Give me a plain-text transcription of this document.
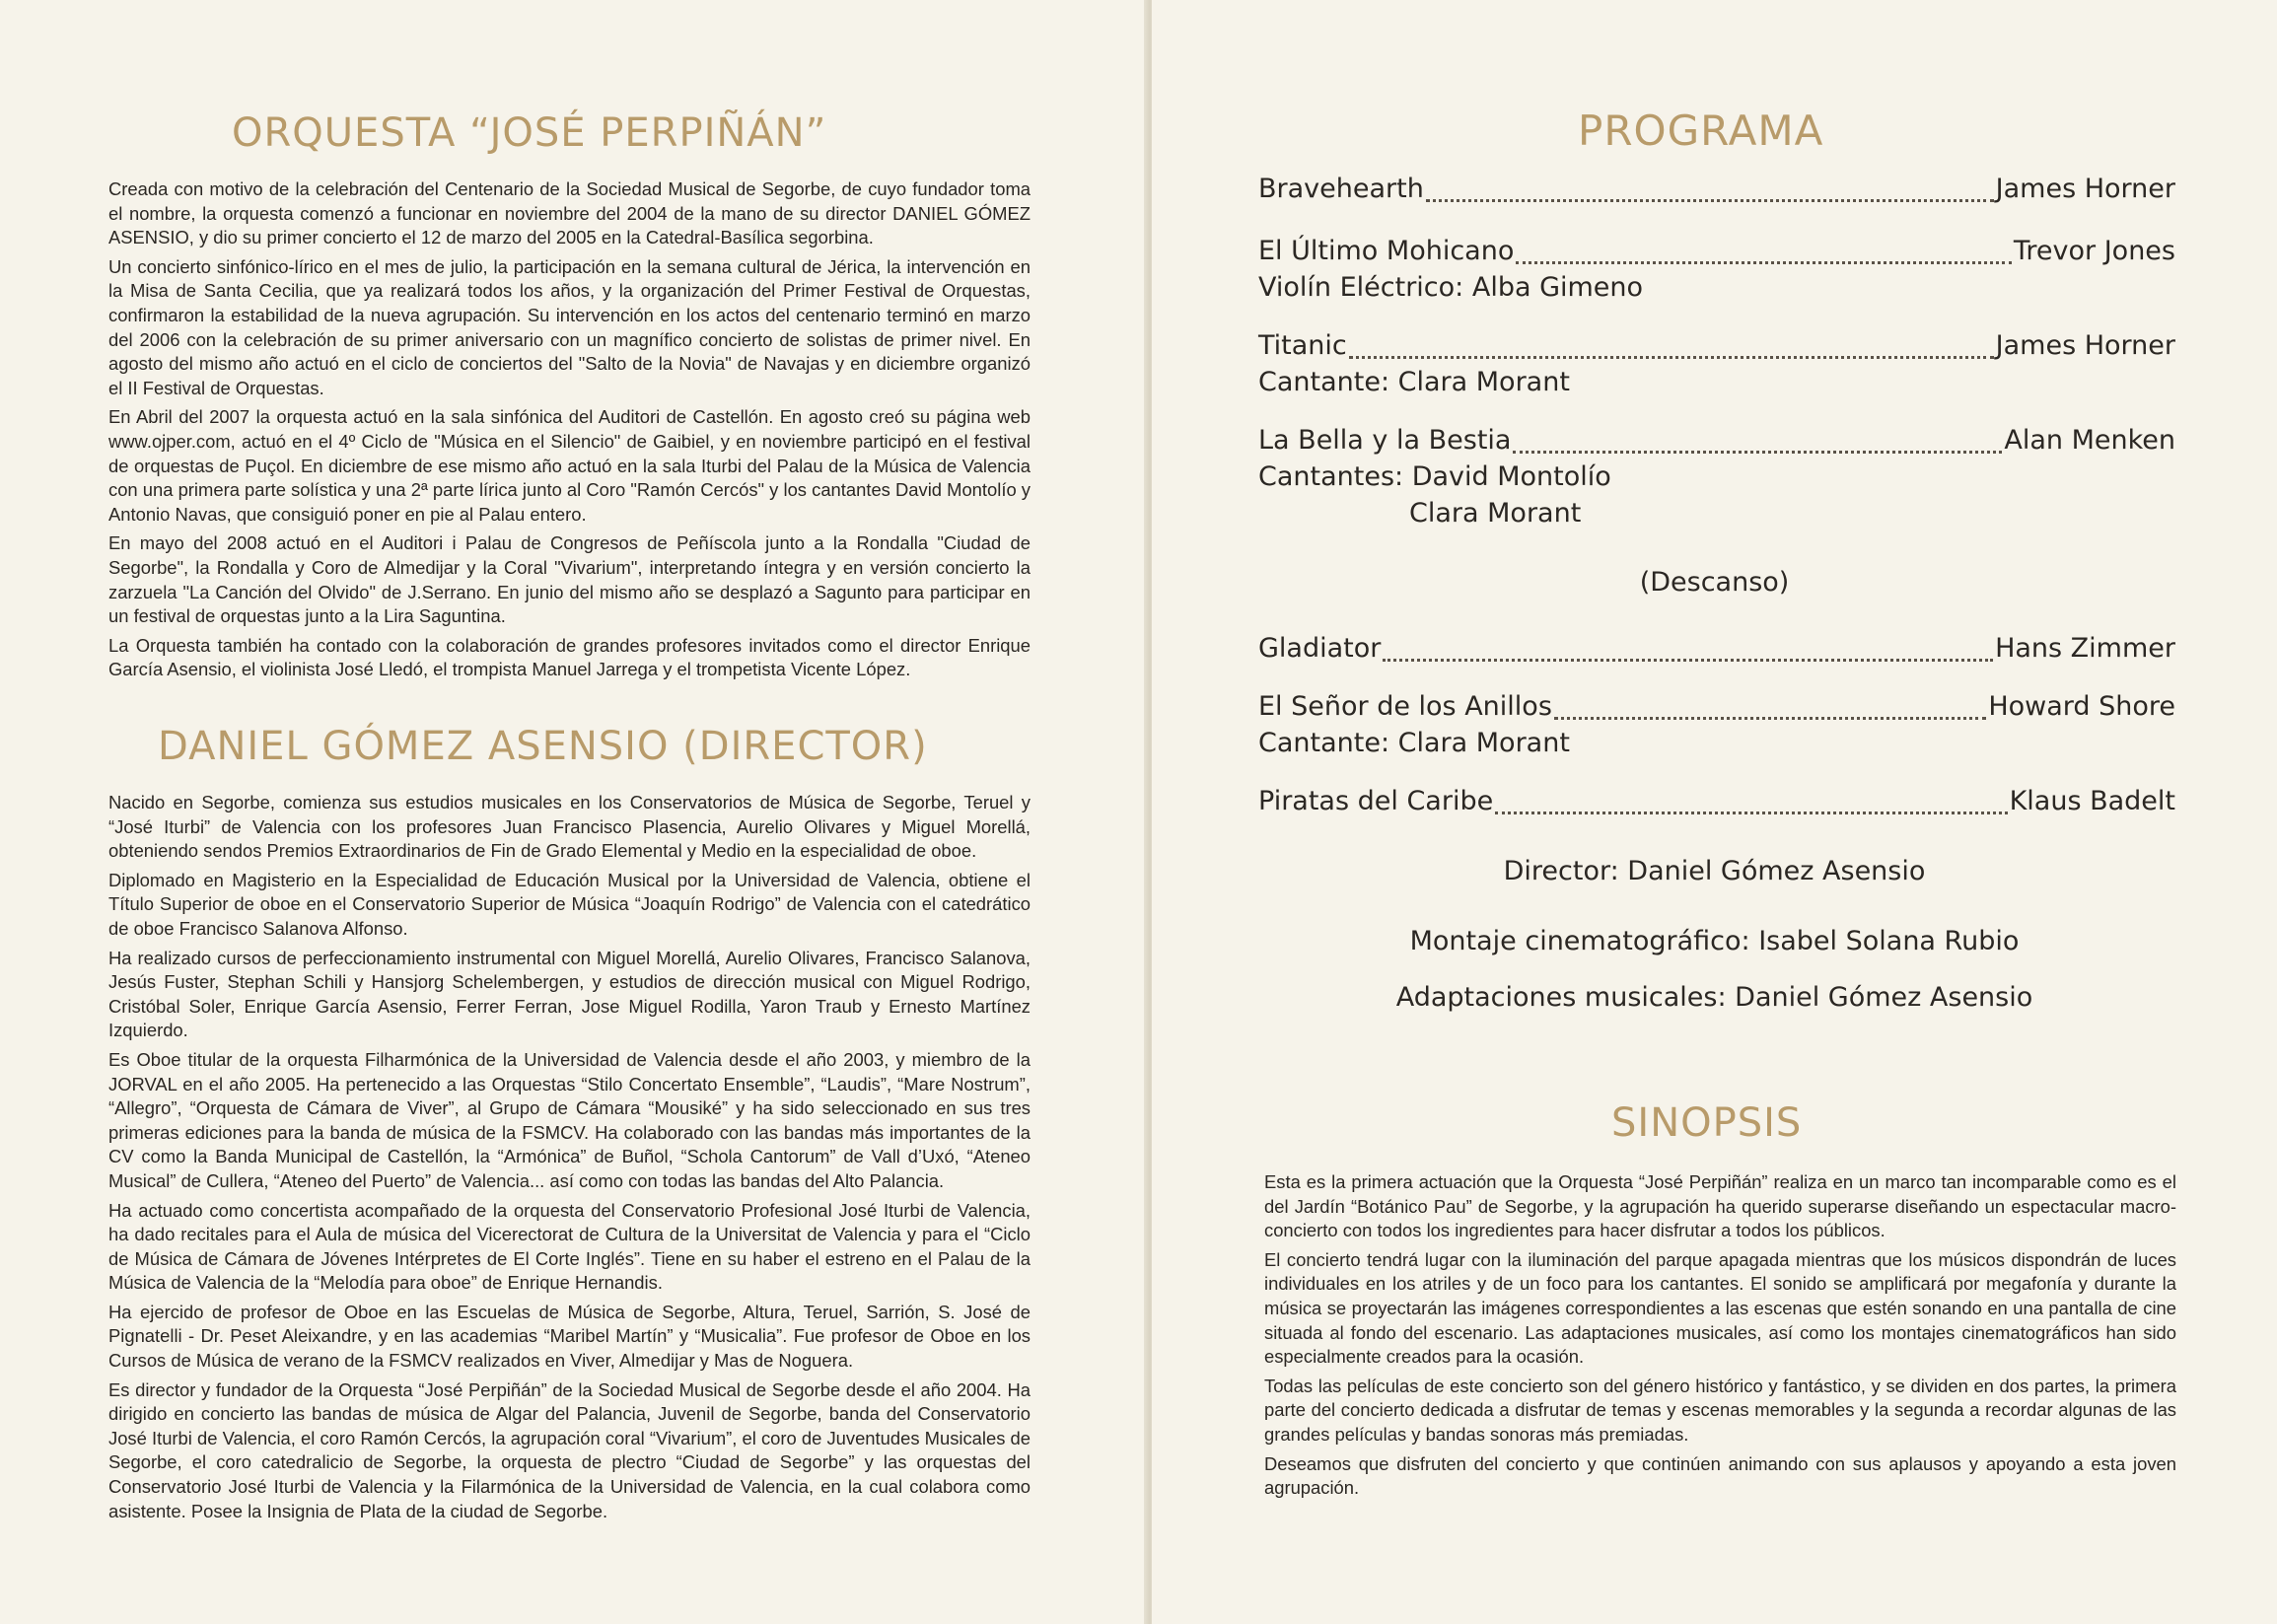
ORQUESTA “JOSÉ PERPIÑÁN”

Creada con motivo de la celebración del Centenario de la Sociedad Musical de Segorbe, de cuyo fundador toma el nombre, la orquesta comenzó a funcionar en noviembre del 2004 de la mano de su director DANIEL GÓMEZ ASENSIO, y dio su primer concierto el 12 de marzo del 2005 en la Catedral-Basílica segorbina.

Un concierto sinfónico-lírico en el mes de julio, la participación en la semana cultural de Jérica, la intervención en la Misa de Santa Cecilia, que ya realizará todos los años, y la organización del Primer Festival de Orquestas, confirmaron la estabilidad de la nueva agrupación. Su intervención en los actos del centenario terminó en marzo del 2006 con la celebración de su primer aniversario con un magnífico concierto de solistas de primer nivel. En agosto del mismo año actuó en el ciclo de conciertos del "Salto de la Novia" de Navajas y en diciembre organizó el II Festival de Orquestas.

En Abril del 2007 la orquesta actuó en la sala sinfónica del Auditori de Castellón. En agosto creó su página web www.ojper.com, actuó en el 4º Ciclo de "Música en el Silencio" de Gaibiel, y en noviembre participó en el festival de orquestas de Puçol. En diciembre de ese mismo año actuó en la sala Iturbi del Palau de la Música de Valencia con una primera parte solística y una 2ª parte lírica junto al Coro "Ramón Cercós" y los cantantes David Montolío y Antonio Navas, que consiguió poner en pie al Palau entero.

En mayo del 2008 actuó en el Auditori i Palau de Congresos de Peñíscola junto a la Rondalla "Ciudad de Segorbe", la Rondalla y Coro de Almedijar y la Coral "Vivarium", interpretando íntegra y en versión concierto la zarzuela "La Canción del Olvido" de J.Serrano. En junio del mismo año se desplazó a Sagunto para participar en un festival de orquestas junto a la Lira Saguntina.

La Orquesta también ha contado con la colaboración de grandes profesores invitados como el director Enrique García Asensio, el violinista José Lledó, el trompista Manuel Jarrega y el trompetista Vicente López.

DANIEL GÓMEZ ASENSIO (DIRECTOR)

Nacido en Segorbe, comienza sus estudios musicales en los Conservatorios de Música de Segorbe, Teruel y “José Iturbi” de Valencia con los profesores Juan Francisco Plasencia, Aurelio Olivares y Miguel Morellá, obteniendo sendos Premios Extraordinarios de Fin de Grado Elemental y Medio en la especialidad de oboe.

Diplomado en Magisterio en la Especialidad de Educación Musical por la Universidad de Valencia, obtiene el Título Superior de oboe en el Conservatorio Superior de Música “Joaquín Rodrigo” de Valencia con el catedrático de oboe Francisco Salanova Alfonso.

Ha realizado cursos de perfeccionamiento instrumental con Miguel Morellá, Aurelio Olivares, Francisco Salanova, Jesús Fuster, Stephan Schili y Hansjorg Schelembergen, y estudios de dirección musical con Miguel Rodrigo, Cristóbal Soler, Enrique García Asensio, Ferrer Ferran, Jose Miguel Rodilla, Yaron Traub y Ernesto Martínez Izquierdo.

Es Oboe titular de la orquesta Filharmónica de la Universidad de Valencia desde el año 2003, y miembro de la JORVAL en el año 2005. Ha pertenecido a las Orquestas “Stilo Concertato Ensemble”, “Laudis”, “Mare Nostrum”, “Allegro”, “Orquesta de Cámara de Viver”, al Grupo de Cámara “Mousiké” y ha sido seleccionado en sus tres primeras ediciones para la banda de música de la FSMCV. Ha colaborado con las bandas más importantes de la CV como la Banda Municipal de Castellón, la “Armónica” de Buñol, “Schola Cantorum” de Vall d’Uxó, “Ateneo Musical” de Cullera, “Ateneo del Puerto” de Valencia... así como con todas las bandas del Alto Palancia.

Ha actuado como concertista acompañado de la orquesta del Conservatorio Profesional José Iturbi de Valencia, ha dado recitales para el Aula de música del Vicerectorat de Cultura de la Universitat de Valencia y para el “Ciclo de Música de Cámara de Jóvenes Intérpretes de El Corte Inglés”. Tiene en su haber el estreno en el Palau de la Música de Valencia de la “Melodía para oboe” de Enrique Hernandis.

Ha ejercido de profesor de Oboe en las Escuelas de Música de Segorbe, Altura, Teruel, Sarrión, S. José de Pignatelli - Dr. Peset Aleixandre, y en las academias “Maribel Martín” y “Musicalia”. Fue profesor de Oboe en los Cursos de Música de verano de la FSMCV realizados en Viver, Almedijar y Mas de Noguera.

Es director y fundador de la Orquesta “José Perpiñán” de la Sociedad Musical de Segorbe desde el año 2004. Ha dirigido en concierto las bandas de música de Algar del Palancia, Juvenil de Segorbe, banda del Conservatorio José Iturbi de Valencia, el coro Ramón Cercós, la agrupación coral “Vivarium”, el coro de Juventudes Musicales de Segorbe, el coro catedralicio de Segorbe, la orquesta de plectro “Ciudad de Segorbe” y las orquestas del Conservatorio José Iturbi de Valencia y la Filarmónica de la Universidad de Valencia, en la cual colabora como asistente. Posee la Insignia de Plata de la ciudad de Segorbe.

PROGRAMA
Bravehearth	James Horner
El Último Mohicano	Trevor Jones
Violín Eléctrico: Alba Gimeno
Titanic	James Horner
Cantante: Clara Morant
La Bella y la Bestia	Alan Menken
Cantantes: David Montolío
Clara Morant
(Descanso)
Gladiator	Hans Zimmer
El Señor de los Anillos	Howard Shore
Cantante: Clara Morant
Piratas del Caribe	Klaus Badelt
Director: Daniel Gómez Asensio
Montaje cinematográfico: Isabel Solana Rubio
Adaptaciones musicales: Daniel Gómez Asensio
SINOPSIS

Esta es la primera actuación que la Orquesta “José Perpiñán” realiza en un marco tan incomparable como es el del Jardín “Botánico Pau” de Segorbe, y la agrupación ha querido superarse diseñando un espectacular macro-concierto con todos los ingredientes para hacer disfrutar a todos los públicos.

El concierto tendrá lugar con la iluminación del parque apagada mientras que los músicos dispondrán de luces individuales en los atriles y de un foco para los cantantes. El sonido se amplificará por megafonía y durante la música se proyectarán las imágenes correspondientes a las escenas que estén sonando en una pantalla de cine situada al fondo del escenario. Las adaptaciones musicales, así como los montajes cinematográficos han sido especialmente creados para la ocasión.

Todas las películas de este concierto son del género histórico y fantástico, y se dividen en dos partes, la primera parte del concierto dedicada a disfrutar de temas y escenas memorables y la segunda a recordar algunas de las grandes películas y bandas sonoras más premiadas.

Deseamos que disfruten del concierto y que continúen animando con sus aplausos y apoyando a esta joven agrupación.
